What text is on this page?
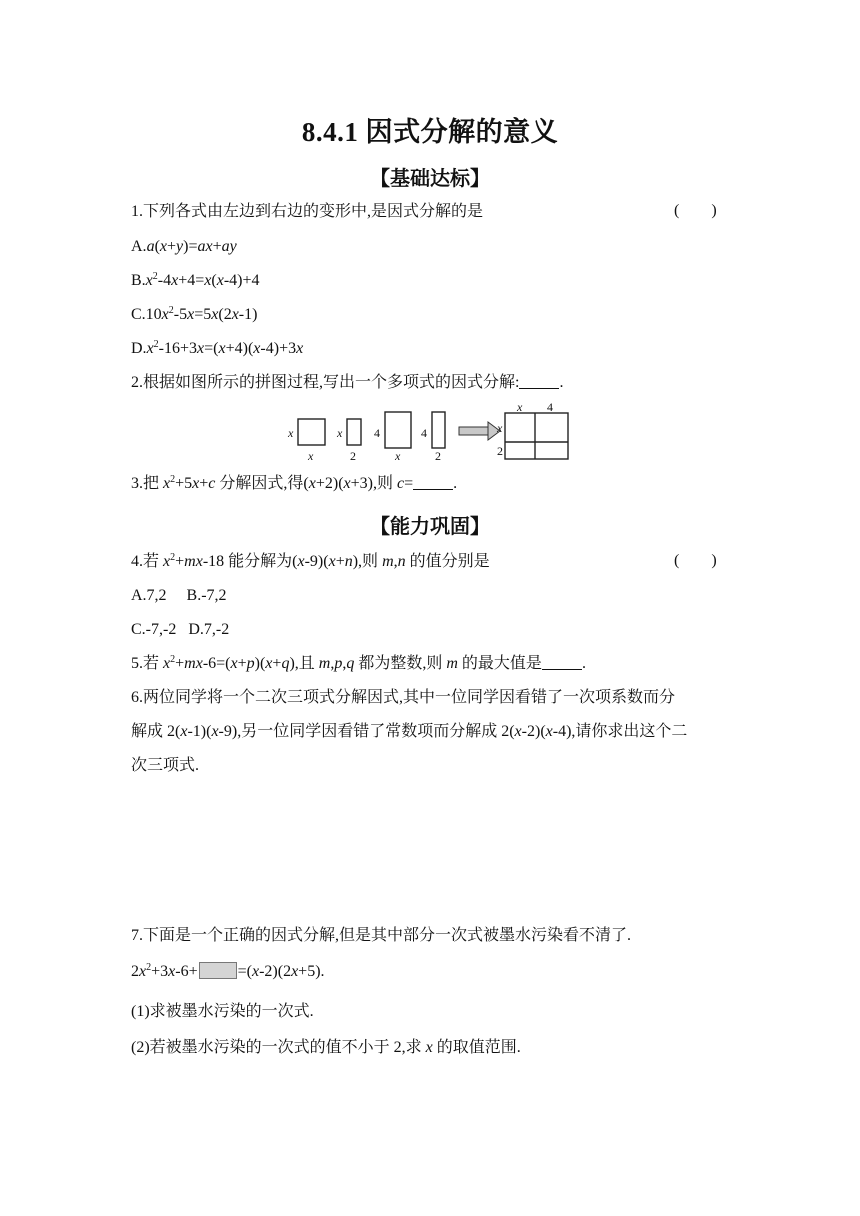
8.4.1 因式分解的意义
【基础达标】
1.下列各式由左边到右边的变形中,是因式分解的是	(        )
A.a(x+y)=ax+ay
$B.x^2-4x+4=x(x-4)+4$
$C.10x^2-5x=5x(2x-1)$
$D.x^2-16+3x=(x+4)(x-4)+3x$
2.根据如图所示的拼图过程,写出一个多项式的因式分解:	.
x
x
x
2
4
x
4
2
x 4
x
2
3.把 $x^2+5x+c$ 分解因式,得(x+2)(x+3),则 c=	.
【能力巩固】
4.若 $x^2+mx-18$ 能分解为(x-9)(x+n),则 m,n 的值分别是	(        )
A.7,2     B.-7,2
C.-7,-2   D.7,-2
5.若 $x^2+mx-6=(x+p)(x+q)$,且 m,p,q 都为整数,则 m 的最大值是	.
6.两位同学将一个二次三项式分解因式,其中一位同学因看错了一次项系数而分
解成 2(x-1)(x-9),另一位同学因看错了常数项而分解成 2(x-2)(x-4),请你求出这个二
次三项式.
7.下面是一个正确的因式分解,但是其中部分一次式被墨水污染看不清了.
$2x^2+3x-6+$	=(x-2)(2x+5).
(1)求被墨水污染的一次式.
(2)若被墨水污染的一次式的值不小于 2,求 x 的取值范围.
